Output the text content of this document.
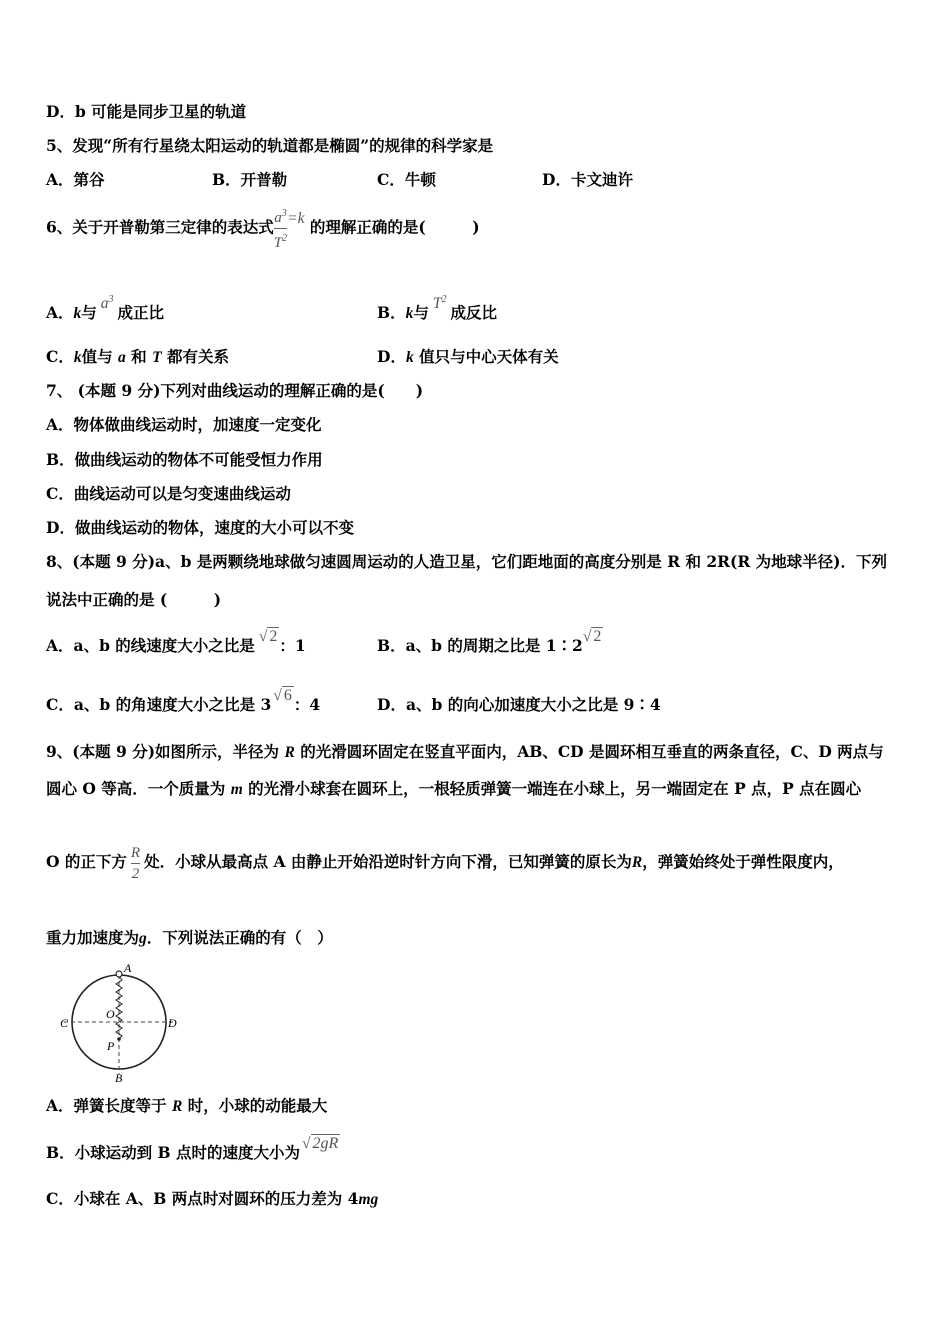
D．b 可能是同步卫星的轨道
5、发现“所有行星绕太阳运动的轨道都是椭圆”的规律的科学家是
A．第谷	B．开普勒	C．牛顿	D．卡文迪许
6、关于开普勒第三定律的表达式 $\frac{a^3}{T^2} =k$ 的理解正确的是(　　　)
A．k与 $a^3$成正比	B．k与 $T^2$成反比
C．k值与 a 和 T 都有关系	D．k 值只与中心天体有关
7、 (本题 9 分)下列对曲线运动的理解正确的是(　　)
A．物体做曲线运动时，加速度一定变化
B．做曲线运动的物体不可能受恒力作用
C．曲线运动可以是匀变速曲线运动
D．做曲线运动的物体，速度的大小可以不变
8、(本题 9 分)a、b 是两颗绕地球做匀速圆周运动的人造卫星，它们距地面的高度分别是 R 和 2R(R 为地球半径)．下列
说法中正确的是 (　　　)
A．a、b 的线速度大小之比是 √ 2 ：1	B．a、b 的周期之比是 1∶2√ 2
C．a、b 的角速度大小之比是 3 √ 6 ：4	D．a、b 的向心加速度大小之比是 9∶4
9、(本题 9 分)如图所示，半径为 R 的光滑圆环固定在竖直平面内，AB、CD 是圆环相互垂直的两条直径，C、D 两点与
圆心 O 等高．一个质量为 m 的光滑小球套在圆环上，一根轻质弹簧一端连在小球上，另一端固定在 P 点，P 点在圆心
O 的正下方 $\frac{R}{2}$ 处．小球从最高点 A 由静止开始沿逆时针方向下滑，已知弹簧的原长为R，弹簧始终处于弹性限度内，
重力加速度为g．下列说法正确的有（　）
A
B
C	D
O
P
A．弹簧长度等于 R 时，小球的动能最大
B．小球运动到 B 点时的速度大小为 √ 2gR
C．小球在 A、B 两点时对圆环的压力差为 4mg
